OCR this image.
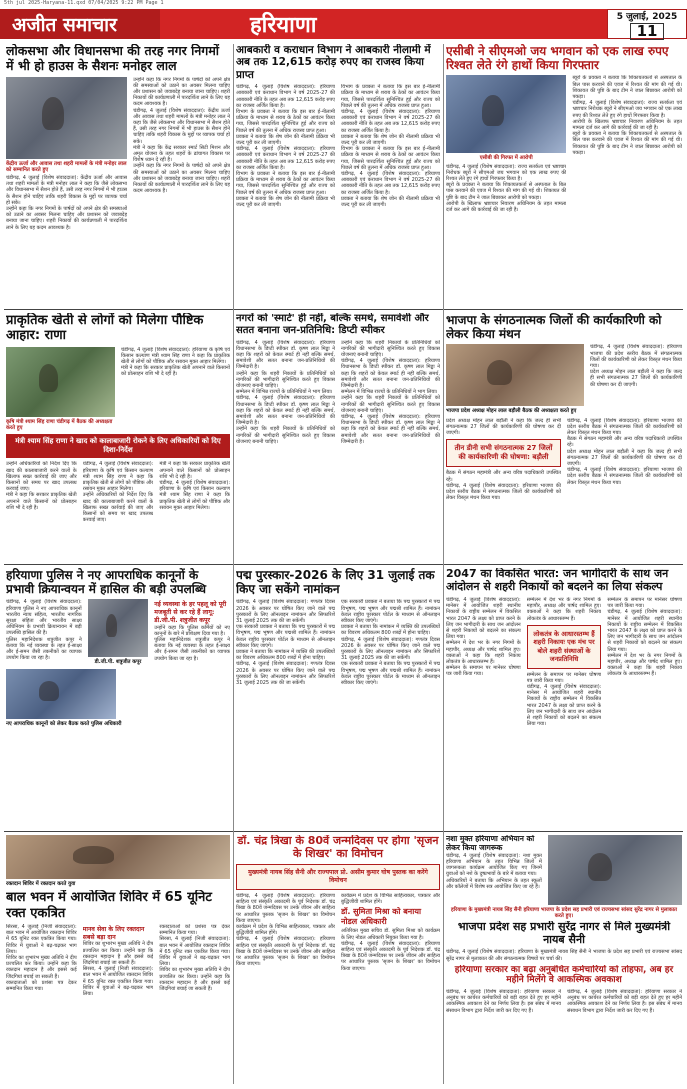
5th jul 2025-Haryana-11.qxd 07/04/2025 9:22 PM Page 1
अजीत समाचार	हरियाणा	5 जुलाई, 2025
11
लोकसभा और विधानसभा की तरह नगर निगमों में भी हो हाउस के सैशनः मनोहर लाल
केंद्रीय ऊर्जा और आवास तथा शहरी मामलों के मंत्री मनोहर लाल को सम्मानित करते हुए

चंडीगढ़, 4 जुलाई (विशेष संवाददाता): केंद्रीय ऊर्जा और आवास तथा शहरी मामलों के मंत्री मनोहर लाल ने कहा कि जैसे लोकसभा और विधानसभा में सैशन होते हैं, उसी तरह नगर निगमों में भी हाउस के सैशन होने चाहिएं ताकि शहरी विकास के मुद्दों पर व्यापक चर्चा हो सके।

उन्होंने कहा कि नगर निगमों के पार्षदों को अपने क्षेत्र की समस्याओं को उठाने का अवसर मिलना चाहिए और प्रशासन को जवाबदेह बनाया जाना चाहिए। शहरी निकायों की कार्यप्रणाली में पारदर्शिता लाने के लिए यह कदम आवश्यक है।

उन्होंने कहा कि नगर निगमों के पार्षदों को अपने क्षेत्र की समस्याओं को उठाने का अवसर मिलना चाहिए और प्रशासन को जवाबदेह बनाया जाना चाहिए। शहरी निकायों की कार्यप्रणाली में पारदर्शिता लाने के लिए यह कदम आवश्यक है।

चंडीगढ़, 4 जुलाई (विशेष संवाददाता): केंद्रीय ऊर्जा और आवास तथा शहरी मामलों के मंत्री मनोहर लाल ने कहा कि जैसे लोकसभा और विधानसभा में सैशन होते हैं, उसी तरह नगर निगमों में भी हाउस के सैशन होने चाहिएं ताकि शहरी विकास के मुद्दों पर व्यापक चर्चा हो सके।

मंत्री ने कहा कि केंद्र सरकार स्मार्ट सिटी मिशन और अमृत योजना के तहत शहरों के ढांचागत विकास पर विशेष ध्यान दे रही है।

उन्होंने कहा कि नगर निगमों के पार्षदों को अपने क्षेत्र की समस्याओं को उठाने का अवसर मिलना चाहिए और प्रशासन को जवाबदेह बनाया जाना चाहिए। शहरी निकायों की कार्यप्रणाली में पारदर्शिता लाने के लिए यह कदम आवश्यक है।

आबकारी व कराधान विभाग ने आबकारी नीलामी में अब तक 12,615 करोड़ रुपए का राजस्व किया प्राप्त

चंडीगढ़, 4 जुलाई (विशेष संवाददाता): हरियाणा आबकारी एवं कराधान विभाग ने वर्ष 2025-27 की आबकारी नीति के तहत अब तक 12,615 करोड़ रुपए का राजस्व अर्जित किया है।

विभाग के प्रवक्ता ने बताया कि इस बार ई-नीलामी प्रक्रिया के माध्यम से शराब के ठेकों का आवंटन किया गया, जिससे पारदर्शिता सुनिश्चित हुई और राज्य को पिछले वर्ष की तुलना में अधिक राजस्व प्राप्त हुआ।

प्रवक्ता ने बताया कि शेष जोन की नीलामी प्रक्रिया भी जल्द पूरी कर ली जाएगी।

चंडीगढ़, 4 जुलाई (विशेष संवाददाता): हरियाणा आबकारी एवं कराधान विभाग ने वर्ष 2025-27 की आबकारी नीति के तहत अब तक 12,615 करोड़ रुपए का राजस्व अर्जित किया है।

विभाग के प्रवक्ता ने बताया कि इस बार ई-नीलामी प्रक्रिया के माध्यम से शराब के ठेकों का आवंटन किया गया, जिससे पारदर्शिता सुनिश्चित हुई और राज्य को पिछले वर्ष की तुलना में अधिक राजस्व प्राप्त हुआ।

प्रवक्ता ने बताया कि शेष जोन की नीलामी प्रक्रिया भी जल्द पूरी कर ली जाएगी।

विभाग के प्रवक्ता ने बताया कि इस बार ई-नीलामी प्रक्रिया के माध्यम से शराब के ठेकों का आवंटन किया गया, जिससे पारदर्शिता सुनिश्चित हुई और राज्य को पिछले वर्ष की तुलना में अधिक राजस्व प्राप्त हुआ।

चंडीगढ़, 4 जुलाई (विशेष संवाददाता): हरियाणा आबकारी एवं कराधान विभाग ने वर्ष 2025-27 की आबकारी नीति के तहत अब तक 12,615 करोड़ रुपए का राजस्व अर्जित किया है।

प्रवक्ता ने बताया कि शेष जोन की नीलामी प्रक्रिया भी जल्द पूरी कर ली जाएगी।

विभाग के प्रवक्ता ने बताया कि इस बार ई-नीलामी प्रक्रिया के माध्यम से शराब के ठेकों का आवंटन किया गया, जिससे पारदर्शिता सुनिश्चित हुई और राज्य को पिछले वर्ष की तुलना में अधिक राजस्व प्राप्त हुआ।

चंडीगढ़, 4 जुलाई (विशेष संवाददाता): हरियाणा आबकारी एवं कराधान विभाग ने वर्ष 2025-27 की आबकारी नीति के तहत अब तक 12,615 करोड़ रुपए का राजस्व अर्जित किया है।

प्रवक्ता ने बताया कि शेष जोन की नीलामी प्रक्रिया भी जल्द पूरी कर ली जाएगी।

एसीबी ने सीएमओ जय भगवान को एक लाख रुपए रिश्वत लेते रंगे हाथों किया गिरफ्तार
एसीबी की गिरफ्त में आरोपी

चंडीगढ़, 4 जुलाई (विशेष संवाददाता): राज्य सतर्कता एवं भ्रष्टाचार निरोधक ब्यूरो ने सीएमओ जय भगवान को एक लाख रुपए की रिश्वत लेते हुए रंगे हाथों गिरफ्तार किया है।

ब्यूरो के प्रवक्ता ने बताया कि शिकायतकर्ता से अस्पताल के बिल पास करवाने की एवज में रिश्वत की मांग की गई थी। शिकायत की पुष्टि के बाद टीम ने जाल बिछाकर आरोपी को पकड़ा।

आरोपी के खिलाफ भ्रष्टाचार निवारण अधिनियम के तहत मामला दर्ज कर आगे की कार्रवाई की जा रही है।

ब्यूरो के प्रवक्ता ने बताया कि शिकायतकर्ता से अस्पताल के बिल पास करवाने की एवज में रिश्वत की मांग की गई थी। शिकायत की पुष्टि के बाद टीम ने जाल बिछाकर आरोपी को पकड़ा।

चंडीगढ़, 4 जुलाई (विशेष संवाददाता): राज्य सतर्कता एवं भ्रष्टाचार निरोधक ब्यूरो ने सीएमओ जय भगवान को एक लाख रुपए की रिश्वत लेते हुए रंगे हाथों गिरफ्तार किया है।

आरोपी के खिलाफ भ्रष्टाचार निवारण अधिनियम के तहत मामला दर्ज कर आगे की कार्रवाई की जा रही है।

ब्यूरो के प्रवक्ता ने बताया कि शिकायतकर्ता से अस्पताल के बिल पास करवाने की एवज में रिश्वत की मांग की गई थी। शिकायत की पुष्टि के बाद टीम ने जाल बिछाकर आरोपी को पकड़ा।

प्राकृतिक खेती से लोगों को मिलेगा पौष्टिक आहार: राणा
कृषि मंत्री श्याम सिंह राणा चंडीगढ़ में बैठक की अध्यक्षता करते हुए

चंडीगढ़, 4 जुलाई (विशेष संवाददाता): हरियाणा के कृषि एवं किसान कल्याण मंत्री श्याम सिंह राणा ने कहा कि प्राकृतिक खेती से लोगों को पौष्टिक और रसायन मुक्त आहार मिलेगा।

मंत्री ने कहा कि सरकार प्राकृतिक खेती अपनाने वाले किसानों को प्रोत्साहन राशि भी दे रही है।

मंत्री श्याम सिंह राणा ने खाद को कालाबाजारी रोकने के लिए अधिकारियों को दिए दिशा-निर्देश

उन्होंने अधिकारियों को निर्देश दिए कि खाद की कालाबाजारी करने वालों के खिलाफ सख्त कार्रवाई की जाए और किसानों को समय पर खाद उपलब्ध करवाई जाए।

मंत्री ने कहा कि सरकार प्राकृतिक खेती अपनाने वाले किसानों को प्रोत्साहन राशि भी दे रही है।

चंडीगढ़, 4 जुलाई (विशेष संवाददाता): हरियाणा के कृषि एवं किसान कल्याण मंत्री श्याम सिंह राणा ने कहा कि प्राकृतिक खेती से लोगों को पौष्टिक और रसायन मुक्त आहार मिलेगा।

उन्होंने अधिकारियों को निर्देश दिए कि खाद की कालाबाजारी करने वालों के खिलाफ सख्त कार्रवाई की जाए और किसानों को समय पर खाद उपलब्ध करवाई जाए।

मंत्री ने कहा कि सरकार प्राकृतिक खेती अपनाने वाले किसानों को प्रोत्साहन राशि भी दे रही है।

चंडीगढ़, 4 जुलाई (विशेष संवाददाता): हरियाणा के कृषि एवं किसान कल्याण मंत्री श्याम सिंह राणा ने कहा कि प्राकृतिक खेती से लोगों को पौष्टिक और रसायन मुक्त आहार मिलेगा।

नगरों को 'स्मार्ट' ही नहीं, बल्कि समर्थ, समावेशी और सतत बनाना जन-प्रतिनिधि: डिप्टी स्पीकर

चंडीगढ़, 4 जुलाई (विशेष संवाददाता): हरियाणा विधानसभा के डिप्टी स्पीकर डॉ. कृष्ण लाल मिड्ढा ने कहा कि शहरों को केवल स्मार्ट ही नहीं बल्कि समर्थ, समावेशी और सतत बनाना जन-प्रतिनिधियों की जिम्मेदारी है।

उन्होंने कहा कि शहरी निकायों के प्रतिनिधियों को नागरिकों की भागीदारी सुनिश्चित करते हुए विकास योजनाएं बनानी चाहिएं।

सम्मेलन में विभिन्न राज्यों के प्रतिनिधियों ने भाग लिया।

चंडीगढ़, 4 जुलाई (विशेष संवाददाता): हरियाणा विधानसभा के डिप्टी स्पीकर डॉ. कृष्ण लाल मिड्ढा ने कहा कि शहरों को केवल स्मार्ट ही नहीं बल्कि समर्थ, समावेशी और सतत बनाना जन-प्रतिनिधियों की जिम्मेदारी है।

उन्होंने कहा कि शहरी निकायों के प्रतिनिधियों को नागरिकों की भागीदारी सुनिश्चित करते हुए विकास योजनाएं बनानी चाहिएं।

उन्होंने कहा कि शहरी निकायों के प्रतिनिधियों को नागरिकों की भागीदारी सुनिश्चित करते हुए विकास योजनाएं बनानी चाहिएं।

चंडीगढ़, 4 जुलाई (विशेष संवाददाता): हरियाणा विधानसभा के डिप्टी स्पीकर डॉ. कृष्ण लाल मिड्ढा ने कहा कि शहरों को केवल स्मार्ट ही नहीं बल्कि समर्थ, समावेशी और सतत बनाना जन-प्रतिनिधियों की जिम्मेदारी है।

सम्मेलन में विभिन्न राज्यों के प्रतिनिधियों ने भाग लिया।

उन्होंने कहा कि शहरी निकायों के प्रतिनिधियों को नागरिकों की भागीदारी सुनिश्चित करते हुए विकास योजनाएं बनानी चाहिएं।

चंडीगढ़, 4 जुलाई (विशेष संवाददाता): हरियाणा विधानसभा के डिप्टी स्पीकर डॉ. कृष्ण लाल मिड्ढा ने कहा कि शहरों को केवल स्मार्ट ही नहीं बल्कि समर्थ, समावेशी और सतत बनाना जन-प्रतिनिधियों की जिम्मेदारी है।

भाजपा के संगठनात्मक जिलों की कार्यकारिणी को लेकर किया मंथन
भाजपा प्रदेश अध्यक्ष मोहन लाल बड़ौली बैठक की अध्यक्षता करते हुए

चंडीगढ़, 4 जुलाई (विशेष संवाददाता): हरियाणा भाजपा की प्रदेश स्तरीय बैठक में संगठनात्मक जिलों की कार्यकारिणी को लेकर विस्तृत मंथन किया गया।

प्रदेश अध्यक्ष मोहन लाल बड़ौली ने कहा कि जल्द ही सभी संगठनात्मक 27 जिलों की कार्यकारिणी की घोषणा कर दी जाएगी।

प्रदेश अध्यक्ष मोहन लाल बड़ौली ने कहा कि जल्द ही सभी संगठनात्मक 27 जिलों की कार्यकारिणी की घोषणा कर दी जाएगी।

तीन डीनी सभी संगठनात्मक 27 जिलों की कार्यकारिणी की घोषणा: बड़ौली

बैठक में संगठन महामंत्री और अन्य वरिष्ठ पदाधिकारी उपस्थित रहे।

चंडीगढ़, 4 जुलाई (विशेष संवाददाता): हरियाणा भाजपा की प्रदेश स्तरीय बैठक में संगठनात्मक जिलों की कार्यकारिणी को लेकर विस्तृत मंथन किया गया।

चंडीगढ़, 4 जुलाई (विशेष संवाददाता): हरियाणा भाजपा की प्रदेश स्तरीय बैठक में संगठनात्मक जिलों की कार्यकारिणी को लेकर विस्तृत मंथन किया गया।

बैठक में संगठन महामंत्री और अन्य वरिष्ठ पदाधिकारी उपस्थित रहे।

प्रदेश अध्यक्ष मोहन लाल बड़ौली ने कहा कि जल्द ही सभी संगठनात्मक 27 जिलों की कार्यकारिणी की घोषणा कर दी जाएगी।

चंडीगढ़, 4 जुलाई (विशेष संवाददाता): हरियाणा भाजपा की प्रदेश स्तरीय बैठक में संगठनात्मक जिलों की कार्यकारिणी को लेकर विस्तृत मंथन किया गया।

हरियाणा पुलिस ने नए आपराधिक कानूनों के प्रभावी क्रियान्वयन में हासिल की बड़ी उपलब्धि

चंडीगढ़, 4 जुलाई (विशेष संवाददाता): हरियाणा पुलिस ने नए आपराधिक कानूनों भारतीय न्याय संहिता, भारतीय नागरिक सुरक्षा संहिता और भारतीय साक्ष्य अधिनियम के प्रभावी क्रियान्वयन में बड़ी उपलब्धि हासिल की है।

पुलिस महानिदेशक शत्रुजीत कपूर ने बताया कि नई व्यवस्था के तहत ई-साक्ष्य और ई-समन जैसी तकनीकों का व्यापक उपयोग किया जा रहा है।

डी.जी.पी. शत्रुजीत कपूर
नई व्यवस्था के हर पहलू को पूरी मजबूती से कर रहे हैं लागू: डी.जी.पी. शत्रुजीत कपूर

उन्होंने कहा कि पुलिस कर्मियों को नए कानूनों के बारे में प्रशिक्षण दिया गया है।

पुलिस महानिदेशक शत्रुजीत कपूर ने बताया कि नई व्यवस्था के तहत ई-साक्ष्य और ई-समन जैसी तकनीकों का व्यापक उपयोग किया जा रहा है।

नए आपराधिक कानूनों को लेकर बैठक करते पुलिस अधिकारी
पद्म पुरस्कार-2026 के लिए 31 जुलाई तक किए जा सकेंगे नामांकन

चंडीगढ़, 4 जुलाई (विशेष संवाददाता): गणतंत्र दिवस 2026 के अवसर पर घोषित किए जाने वाले पद्म पुरस्कारों के लिए ऑनलाइन नामांकन और सिफारिशें 31 जुलाई 2025 तक की जा सकेंगी।

एक सरकारी प्रवक्ता ने बताया कि पद्म पुरस्कारों में पद्म विभूषण, पद्म भूषण और पद्मश्री शामिल हैं। नामांकन केवल राष्ट्रीय पुरस्कार पोर्टल के माध्यम से ऑनलाइन स्वीकार किए जाएंगे।

प्रवक्ता ने बताया कि नामांकन में व्यक्ति की उपलब्धियों का विवरण अधिकतम 800 शब्दों में होना चाहिए।

चंडीगढ़, 4 जुलाई (विशेष संवाददाता): गणतंत्र दिवस 2026 के अवसर पर घोषित किए जाने वाले पद्म पुरस्कारों के लिए ऑनलाइन नामांकन और सिफारिशें 31 जुलाई 2025 तक की जा सकेंगी।

एक सरकारी प्रवक्ता ने बताया कि पद्म पुरस्कारों में पद्म विभूषण, पद्म भूषण और पद्मश्री शामिल हैं। नामांकन केवल राष्ट्रीय पुरस्कार पोर्टल के माध्यम से ऑनलाइन स्वीकार किए जाएंगे।

प्रवक्ता ने बताया कि नामांकन में व्यक्ति की उपलब्धियों का विवरण अधिकतम 800 शब्दों में होना चाहिए।

चंडीगढ़, 4 जुलाई (विशेष संवाददाता): गणतंत्र दिवस 2026 के अवसर पर घोषित किए जाने वाले पद्म पुरस्कारों के लिए ऑनलाइन नामांकन और सिफारिशें 31 जुलाई 2025 तक की जा सकेंगी।

एक सरकारी प्रवक्ता ने बताया कि पद्म पुरस्कारों में पद्म विभूषण, पद्म भूषण और पद्मश्री शामिल हैं। नामांकन केवल राष्ट्रीय पुरस्कार पोर्टल के माध्यम से ऑनलाइन स्वीकार किए जाएंगे।

2047 का विकसित भारत: जन भागीदारी के साथ जन आंदोलन से शहरी निकायों को बदलने का लिया संकल्प

चंडीगढ़, 4 जुलाई (विशेष संवाददाता): मानेसर में आयोजित शहरी स्थानीय निकायों के राष्ट्रीय सम्मेलन में विकसित भारत 2047 के लक्ष्य को प्राप्त करने के लिए जन भागीदारी के साथ जन आंदोलन से शहरी निकायों को बदलने का संकल्प लिया गया।

सम्मेलन में देश भर के नगर निगमों के महापौर, अध्यक्ष और पार्षद शामिल हुए। वक्ताओं ने कहा कि शहरी निकाय लोकतंत्र के आधारस्तम्भ हैं।

सम्मेलन के समापन पर मानेसर घोषणा पत्र जारी किया गया।

सम्मेलन में देश भर के नगर निगमों के महापौर, अध्यक्ष और पार्षद शामिल हुए। वक्ताओं ने कहा कि शहरी निकाय लोकतंत्र के आधारस्तम्भ हैं।

लोकतंत्र के आधारस्तम्भ हैं शहरी निकायः एक मंच पर बोले शहरी संस्थाओं के जनप्रतिनिधि

सम्मेलन के समापन पर मानेसर घोषणा पत्र जारी किया गया।

चंडीगढ़, 4 जुलाई (विशेष संवाददाता): मानेसर में आयोजित शहरी स्थानीय निकायों के राष्ट्रीय सम्मेलन में विकसित भारत 2047 के लक्ष्य को प्राप्त करने के लिए जन भागीदारी के साथ जन आंदोलन से शहरी निकायों को बदलने का संकल्प लिया गया।

सम्मेलन के समापन पर मानेसर घोषणा पत्र जारी किया गया।

चंडीगढ़, 4 जुलाई (विशेष संवाददाता): मानेसर में आयोजित शहरी स्थानीय निकायों के राष्ट्रीय सम्मेलन में विकसित भारत 2047 के लक्ष्य को प्राप्त करने के लिए जन भागीदारी के साथ जन आंदोलन से शहरी निकायों को बदलने का संकल्प लिया गया।

सम्मेलन में देश भर के नगर निगमों के महापौर, अध्यक्ष और पार्षद शामिल हुए। वक्ताओं ने कहा कि शहरी निकाय लोकतंत्र के आधारस्तम्भ हैं।

रक्तदान शिविर में रक्तदान करते युवा
बाल भवन में आयोजित शिविर में 65 यूनिट रक्त एकत्रित

सिरसा, 4 जुलाई (निजी संवाददाता): बाल भवन में आयोजित रक्तदान शिविर में 65 यूनिट रक्त एकत्रित किया गया। शिविर में युवाओं ने बढ़-चढ़कर भाग लिया।

शिविर का शुभारंभ मुख्य अतिथि ने दीप प्रज्वलित कर किया। उन्होंने कहा कि रक्तदान महादान है और इससे कई जिंदगियां बचाई जा सकती हैं।

रक्तदाताओं को प्रशंसा पत्र देकर सम्मानित किया गया।

मानव सेवा के लिए रक्तदान सबसे बड़ा दान

शिविर का शुभारंभ मुख्य अतिथि ने दीप प्रज्वलित कर किया। उन्होंने कहा कि रक्तदान महादान है और इससे कई जिंदगियां बचाई जा सकती हैं।

सिरसा, 4 जुलाई (निजी संवाददाता): बाल भवन में आयोजित रक्तदान शिविर में 65 यूनिट रक्त एकत्रित किया गया। शिविर में युवाओं ने बढ़-चढ़कर भाग लिया।

रक्तदाताओं को प्रशंसा पत्र देकर सम्मानित किया गया।

सिरसा, 4 जुलाई (निजी संवाददाता): बाल भवन में आयोजित रक्तदान शिविर में 65 यूनिट रक्त एकत्रित किया गया। शिविर में युवाओं ने बढ़-चढ़कर भाग लिया।

शिविर का शुभारंभ मुख्य अतिथि ने दीप प्रज्वलित कर किया। उन्होंने कहा कि रक्तदान महादान है और इससे कई जिंदगियां बचाई जा सकती हैं।

डॉ. चंद्र त्रिखा के 80वें जन्मदिवस पर होगा 'सृजन के शिखर' का विमोचन
मुख्यमंत्री नायब सिंह सैनी और राज्यपाल प्रो. असीम कुमार घोष पुस्तक का करेंगे विमोचन

चंडीगढ़, 4 जुलाई (विशेष संवाददाता): हरियाणा साहित्य एवं संस्कृति अकादमी के पूर्व निदेशक डॉ. चंद्र त्रिखा के 80वें जन्मदिवस पर उनके जीवन और साहित्य पर आधारित पुस्तक 'सृजन के शिखर' का विमोचन किया जाएगा।

कार्यक्रम में प्रदेश के विभिन्न साहित्यकार, पत्रकार और बुद्धिजीवी शामिल होंगे।

चंडीगढ़, 4 जुलाई (विशेष संवाददाता): हरियाणा साहित्य एवं संस्कृति अकादमी के पूर्व निदेशक डॉ. चंद्र त्रिखा के 80वें जन्मदिवस पर उनके जीवन और साहित्य पर आधारित पुस्तक 'सृजन के शिखर' का विमोचन किया जाएगा।

कार्यक्रम में प्रदेश के विभिन्न साहित्यकार, पत्रकार और बुद्धिजीवी शामिल होंगे।

डॉ. सुमिता मिश्रा को बनाया नोडल अधिकारी

अतिरिक्त मुख्य सचिव डॉ. सुमिता मिश्रा को कार्यक्रम के लिए नोडल अधिकारी नियुक्त किया गया है।

चंडीगढ़, 4 जुलाई (विशेष संवाददाता): हरियाणा साहित्य एवं संस्कृति अकादमी के पूर्व निदेशक डॉ. चंद्र त्रिखा के 80वें जन्मदिवस पर उनके जीवन और साहित्य पर आधारित पुस्तक 'सृजन के शिखर' का विमोचन किया जाएगा।

नशा मुक्त हरियाणा अभियान को लेकर किया जागरूक

चंडीगढ़, 4 जुलाई (विशेष संवाददाता): नशा मुक्त हरियाणा अभियान के तहत विभिन्न जिलों में जागरूकता कार्यक्रम आयोजित किए गए जिनमें युवाओं को नशे के दुष्प्रभावों के बारे में बताया गया।

अधिकारियों ने बताया कि अभियान के तहत स्कूलों और कॉलेजों में विशेष सत्र आयोजित किए जा रहे हैं।

हरियाणा के मुख्यमंत्री नायब सिंह सैनी हरियाणा भाजपा के प्रदेश सह प्रभारी एवं राज्यसभा सांसद सुरेंद्र नागर से मुलाकात करते हुए।
भाजपा प्रदेश सह प्रभारी सुरेंद्र नागर से मिले मुख्यमंत्री नायब सैनी

चंडीगढ़, 4 जुलाई (विशेष संवाददाता): हरियाणा के मुख्यमंत्री नायब सिंह सैनी ने भाजपा के प्रदेश सह प्रभारी एवं राज्यसभा सांसद सुरेंद्र नागर से मुलाकात की और संगठनात्मक विषयों पर चर्चा की।

हरियाणा सरकार का बढ़ा अनुबंधित कर्मचारियों को तोहफा, अब हर महीने मिलेंगे वे आकस्मिक अवकाश

चंडीगढ़, 4 जुलाई (विशेष संवाददाता): हरियाणा सरकार ने अनुबंध पर कार्यरत कर्मचारियों को बड़ी राहत देते हुए हर महीने आकस्मिक अवकाश देने का निर्णय लिया है। इस संबंध में मानव संसाधन विभाग द्वारा निर्देश जारी कर दिए गए हैं।

चंडीगढ़, 4 जुलाई (विशेष संवाददाता): हरियाणा सरकार ने अनुबंध पर कार्यरत कर्मचारियों को बड़ी राहत देते हुए हर महीने आकस्मिक अवकाश देने का निर्णय लिया है। इस संबंध में मानव संसाधन विभाग द्वारा निर्देश जारी कर दिए गए हैं।
